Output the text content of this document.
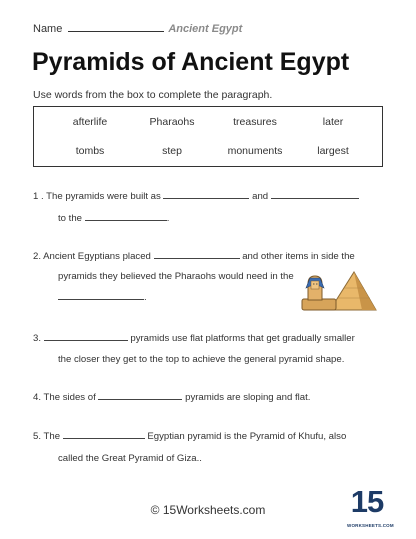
Name	Ancient Egypt
Pyramids of Ancient Egypt
Use words from the box to complete the paragraph.
afterlife	Pharaohs	treasures	later
tombs	step	monuments	largest
1 . The pyramids were built as	and
to the	.
2. Ancient Egyptians placed	and other items in side the
pyramids they believed the Pharaohs would need in the
.
3.	pyramids use flat platforms that get gradually smaller
the closer they get to the top to achieve the general pyramid shape.
4. The sides of	pyramids are sloping and flat.
5. The	Egyptian pyramid is the Pyramid of Khufu, also
called the Great Pyramid of Giza..
© 15Worksheets.com	15
WORKSHEETS.COM
